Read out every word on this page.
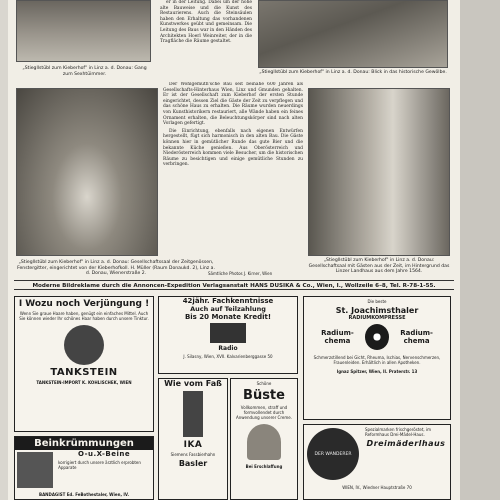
„Stiegllstübl zum Kieberhof" in Linz a. d. Donau: Gang zum Sexhtüimmer.

er in der Leitung. Dabei um der hohe alte Bauweise und die Kunst des Restaurierens. Auch die Steinsäulen haben den Erhaltung das vorhandenen Kunstwerkes geübt und gemeinsam. Die Leitung des Baus war in den Händen des Architekten Hoerl Weinreiter, der in die Tragfläche die Räume gestaltet.

„Stiegllstübl zum Kieberhof" in Linz a. d. Donau: Blick in das historische Gewölbe.
„Stiegllstübl zum Kieberhof" in Linz a. d. Donau: Gesellschaftssaal der Zeitgenössen, Fenstergitter, eingerichtet von der Kieberhofkoll. H. Müller (Raum Donaukd. 2), Linz a. d. Donau, Wienerstraße 2.

Der Wohlgemuth'sche Bau seit beinahe 600 Jahren als Gesellschafts-Hinterhaus Wien, Linz und Gmunden gehalten. Er ist der Gesellschaft zum Kieberhof der ersten Stunde eingerichtet, dessen Ziel die Gäste der Zeit zu verpflegen und das schöne Haus zu erhalten. Die Räume wurden neuerdings von Kunsthistorikern restauriert, alle Wände haben ein feines Ornament erhalten, die Beleuchtungskörper sind nach alten Vorlagen gefertigt.

Die Einrichtung, ebenfalls nach eigenen Entwürfen hergestellt, fügt sich harmonisch in den alten Bau. Die Gäste können hier in gemütlicher Runde das gute Bier und die bekannte Küche genießen. Aus Oberösterreich und Niederösterreich kommen viele Besucher, um die historischen Räume zu besichtigen und einige gemütliche Stunden zu verbringen.

Sämtliche Photos J. Kirner, Wien
„Stiegllstübl zum Kieberhof" in Linz a. d. Donau: Gesellschaftsaal mit Gästen aus der Zeit, im Hintergrund das Linzer Landhaus aus dem Jahre 1564.
Moderne Bildreklame durch die Annoncen-Expedition Verlagsanstalt HANS DUSIKA & Co., Wien, I., Wollzeile 6–8, Tel. R-78-1-55.
I Wozu noch Verjüngung !
Wenn Sie graue Haare haben, genügt ein einfaches Mittel. Auch Sie können wieder Ihr schönes Haar haben durch unsere Tinktur.
TANKSTEIN
TANKSTEIN-IMPORT K. KOHLISCHEK, WIEN
42jähr. Fachkenntnisse
Auch auf Teilzahlung
Bis 20 Monate Kredit!
Radio
J. Silasny, Wien, XVII. Kalvarienberggasse 50
Die beste
St. Joachimsthaler
RADIUMKOMPRESSE
Radium-chema
Radium-chema
Schmerzstillend bei Gicht, Rheuma, Ischias, Nervenschmerzen, Frauenleiden. Erhältlich in allen Apotheken.
Ignaz Spitzer, Wien, II. Praterstr. 13
Wie vom Faß
IKA
Siemens Fassbierhahn
Basler
Schöne
Büste
Vollkommen, straff und formvollendet durch Anwendung unserer Creme.
Bei Erschlaffung
Beinkrümmungen
O-u.X-Beine
korrigiert durch unsere ärztlich erprobten Apparate
BANDAGIST Ed. FeBothestaler, Wien, IV.
DER WANDERER
Spezialmarken frischgeröstet, im Reformhaus Drei-Mädel-Haus.
Dreimäderlhaus
WIEN, IV., Wiedner Hauptstraße 70
